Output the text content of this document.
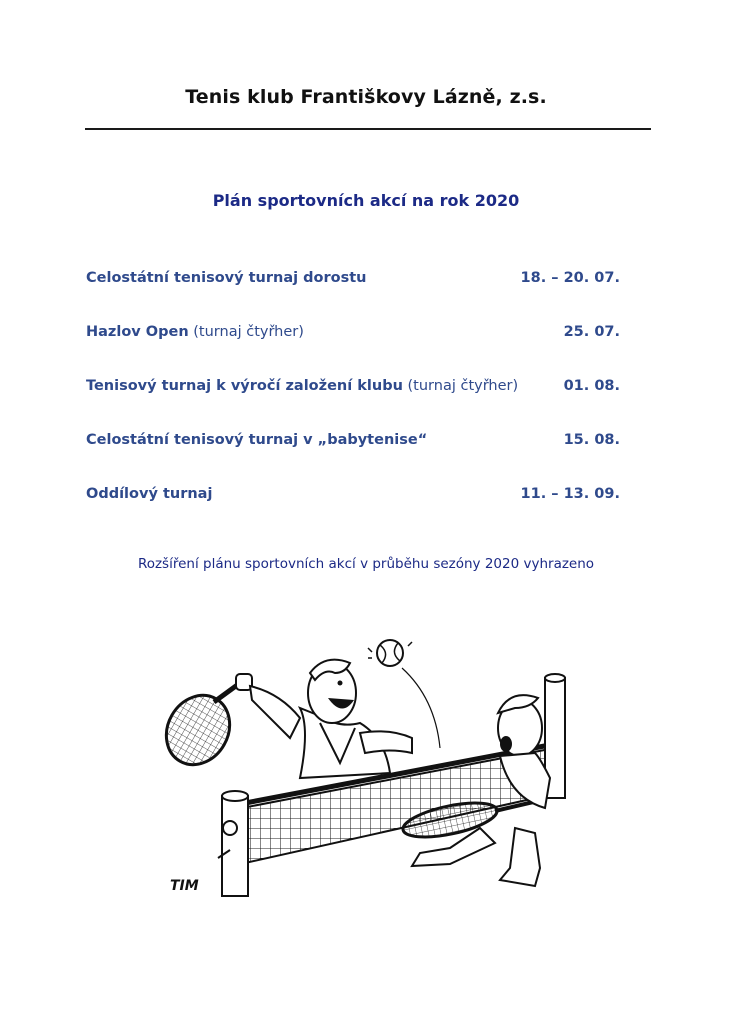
Tenis klub Františkovy Lázně, z.s.
Plán sportovních akcí na rok 2020
Celostátní tenisový turnaj dorostu	18. – 20. 07.
Hazlov Open (turnaj čtyřher)	25. 07.
Tenisový turnaj k výročí založení klubu (turnaj čtyřher)	01. 08.
Celostátní tenisový turnaj v „babytenise“	15. 08.
Oddílový turnaj	11. – 13. 09.
Rozšíření plánu sportovních akcí v průběhu sezóny 2020 vyhrazeno
TIM
